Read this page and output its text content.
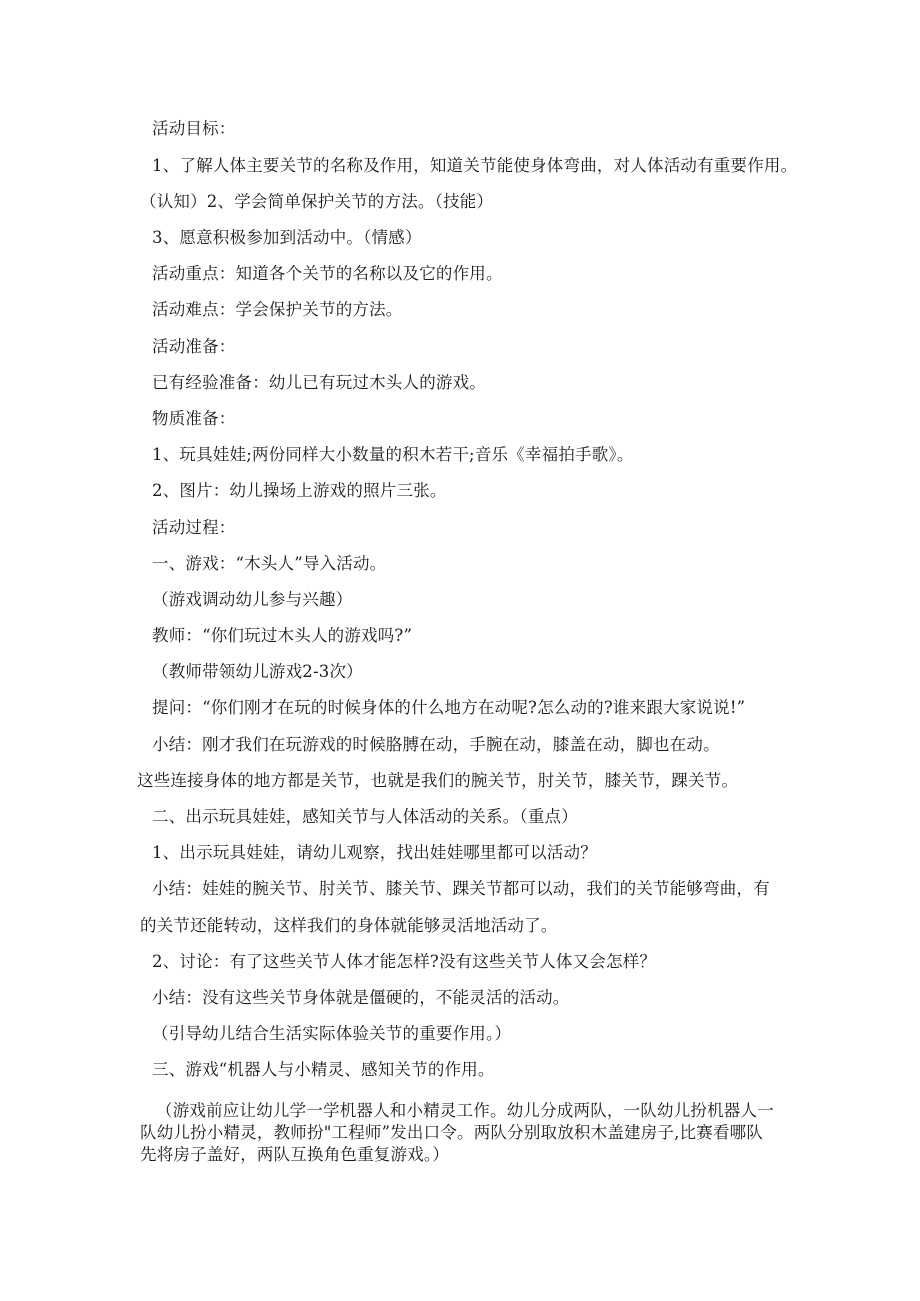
活动目标：
1、了解人体主要关节的名称及作用，知道关节能使身体弯曲，对人体活动有重要作用。
（认知）2、学会简单保护关节的方法。（技能）
3、愿意积极参加到活动中。（情感）
活动重点：知道各个关节的名称以及它的作用。
活动难点：学会保护关节的方法。
活动准备：
已有经验准备：幼儿已有玩过木头人的游戏。
物质准备：
1、玩具娃娃;两份同样大小数量的积木若干;音乐《幸福拍手歌》。
2、图片：幼儿操场上游戏的照片三张。
活动过程：
一、游戏：“木头人”导入活动。
（游戏调动幼儿参与兴趣）
教师：“你们玩过木头人的游戏吗?”
（教师带领幼儿游戏2-3次）
提问：“你们刚才在玩的时候身体的什么地方在动呢?怎么动的?谁来跟大家说说!”
小结：刚才我们在玩游戏的时候胳膊在动，手腕在动，膝盖在动，脚也在动。
这些连接身体的地方都是关节，也就是我们的腕关节，肘关节，膝关节，踝关节。
二、出示玩具娃娃，感知关节与人体活动的关系。（重点）
1、出示玩具娃娃，请幼儿观察，找出娃娃哪里都可以活动？
小结：娃娃的腕关节、肘关节、膝关节、踝关节都可以动，我们的关节能够弯曲，有
的关节还能转动，这样我们的身体就能够灵活地活动了。
2、讨论：有了这些关节人体才能怎样?没有这些关节人体又会怎样？
小结：没有这些关节身体就是僵硬的，不能灵活的活动。
（引导幼儿结合生活实际体验关节的重要作用。）
三、游戏“机器人与小精灵、感知关节的作用。
（游戏前应让幼儿学一学机器人和小精灵工作。幼儿分成两队，一队幼儿扮机器人一
队幼儿扮小精灵，教师扮"工程师”发出口令。两队分别取放积木盖建房子,比赛看哪队
先将房子盖好，两队互换角色重复游戏。）
